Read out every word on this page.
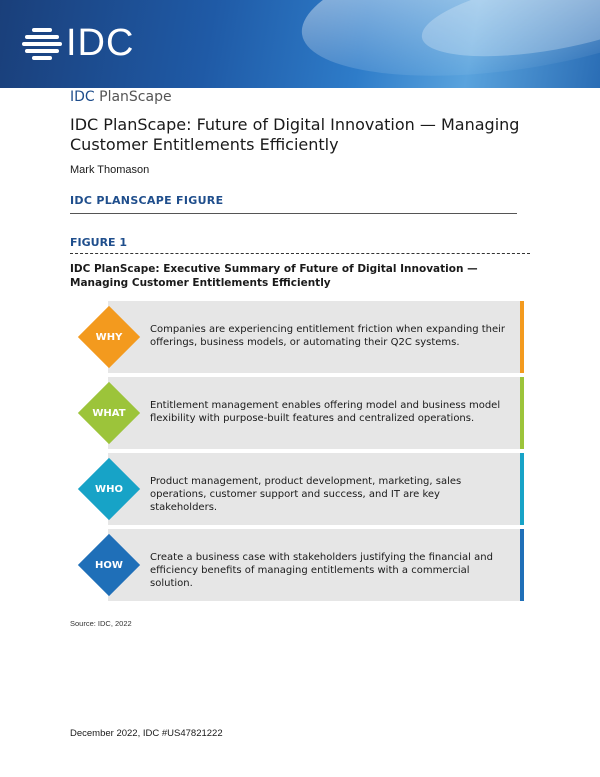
IDC
IDC PlanScape
IDC PlanScape: Future of Digital Innovation — Managing Customer Entitlements Efficiently
Mark Thomason
IDC PLANSCAPE FIGURE
FIGURE 1
IDC PlanScape: Executive Summary of Future of Digital Innovation — Managing Customer Entitlements Efficiently
Companies are experiencing entitlement friction when expanding their offerings, business models, or automating their Q2C systems.
WHY
Entitlement management enables offering model and business model flexibility with purpose-built features and centralized operations.
WHAT
Product management, product development, marketing, sales operations, customer support and success, and IT are key stakeholders.
WHO
Create a business case with stakeholders justifying the financial and efficiency benefits of managing entitlements with a commercial solution.
HOW
Source: IDC, 2022
December 2022, IDC #US47821222
